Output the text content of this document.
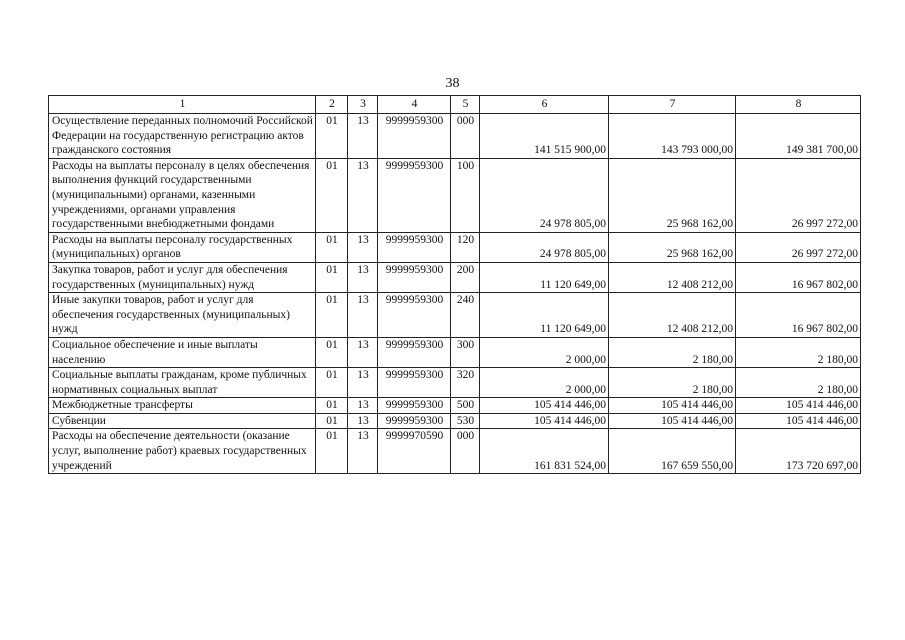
38
1	2	3	4	5	6	7	8
Осуществление переданных полномочий Российской Федерации на государственную регистрацию актов гражданского состояния	01	13	9999959300	000	141 515 900,00	143 793 000,00	149 381 700,00
Расходы на выплаты персоналу в целях обеспечения выполнения функций государственными (муниципальными) органами, казенными учреждениями, органами управления государственными внебюджетными фондами	01	13	9999959300	100	24 978 805,00	25 968 162,00	26 997 272,00
Расходы на выплаты персоналу государственных (муниципальных) органов	01	13	9999959300	120	24 978 805,00	25 968 162,00	26 997 272,00
Закупка товаров, работ и услуг для обеспечения государственных (муниципальных) нужд	01	13	9999959300	200	11 120 649,00	12 408 212,00	16 967 802,00
Иные закупки товаров, работ и услуг для обеспечения государственных (муниципальных) нужд	01	13	9999959300	240	11 120 649,00	12 408 212,00	16 967 802,00
Социальное обеспечение и иные выплаты населению	01	13	9999959300	300	2 000,00	2 180,00	2 180,00
Социальные выплаты гражданам, кроме публичных нормативных социальных выплат	01	13	9999959300	320	2 000,00	2 180,00	2 180,00
Межбюджетные трансферты	01	13	9999959300	500	105 414 446,00	105 414 446,00	105 414 446,00
Субвенции	01	13	9999959300	530	105 414 446,00	105 414 446,00	105 414 446,00
Расходы на обеспечение деятельности (оказание услуг, выполнение работ) краевых государственных учреждений	01	13	9999970590	000	161 831 524,00	167 659 550,00	173 720 697,00
